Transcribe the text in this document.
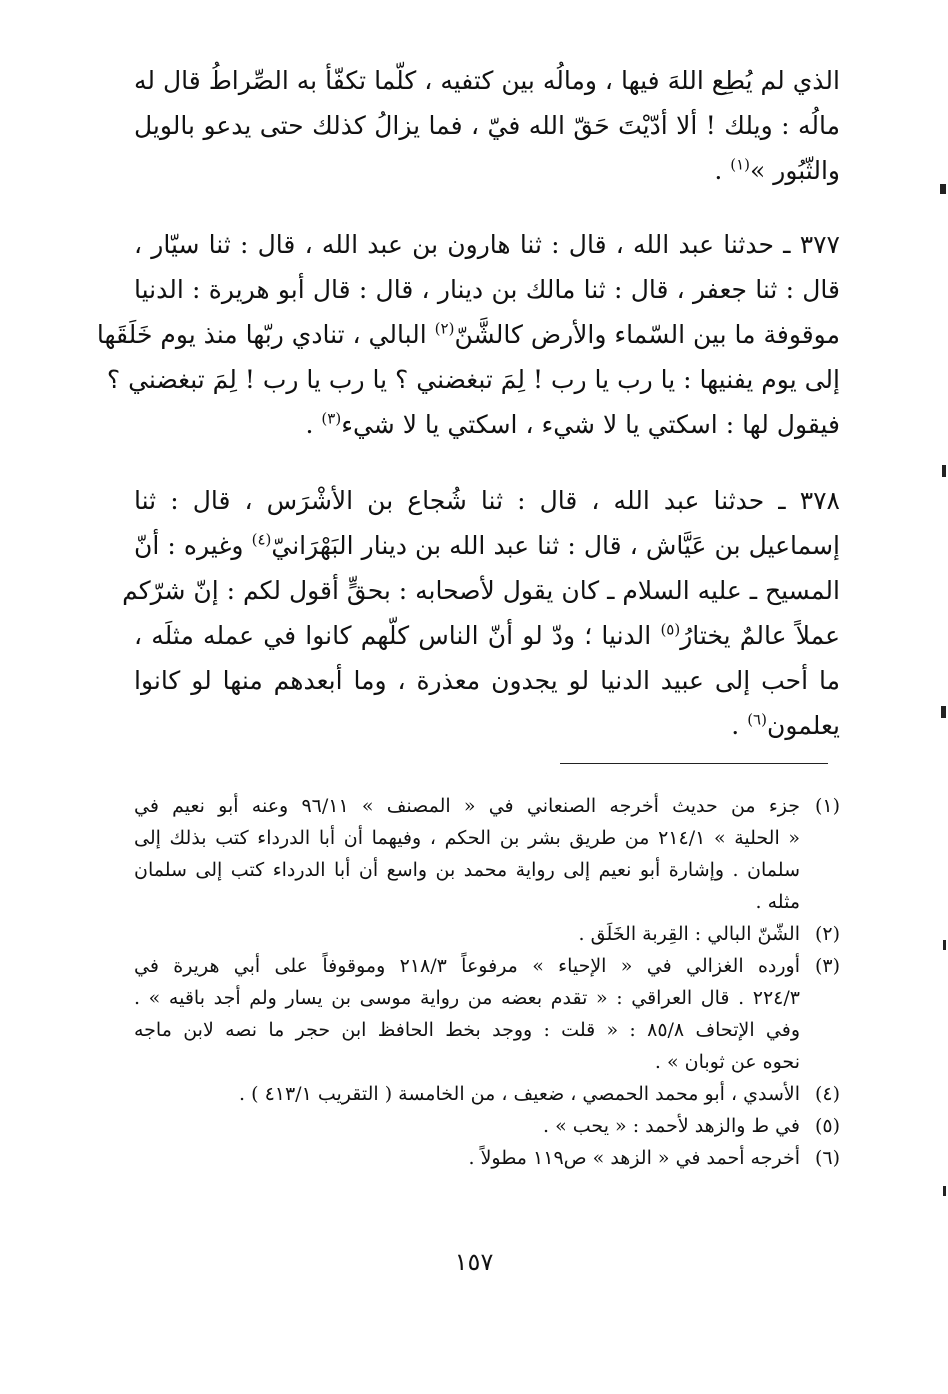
الذي لم يُطِع اللهَ فيها ، ومالُه بين كتفيه ، كلّما تكفّأ به الصِّراطُ قال له
مالُه : ويلك ! ألا أدّيْتَ حَقّ الله فيّ ، فما يزالُ كذلك حتى يدعو بالويل
والثّبُور »$^{(١)}$ .
٣٧٧ ـ حدثنا عبد الله ، قال : ثنا هارون بن عبد الله ، قال : ثنا سيّار ،
قال : ثنا جعفر ، قال : ثنا مالك بن دينار ، قال : قال أبو هريرة : الدنيا
موقوفة ما بين السّماء والأرض كالشَّنّ$^{(٢)}$ البالي ، تنادي ربّها منذ يوم خَلَقَها
إلى يوم يفنيها : يا رب يا رب ! لِمَ تبغضني ؟ يا رب يا رب ! لِمَ تبغضني ؟
فيقول لها : اسكتي يا لا شيء ، اسكتي يا لا شيء$^{(٣)}$ .
٣٧٨ ـ حدثنا عبد الله ، قال : ثنا شُجاع بن الأشْرَس ، قال : ثنا
إسماعيل بن عَيَّاش ، قال : ثنا عبد الله بن دينار البَهْرَانيّ$^{(٤)}$ وغيره : أنّ
المسيح ـ عليه السلام ـ كان يقول لأصحابه : بحقٍّ أقول لكم : إنّ شرّكم
عملاً عالمٌ يختارُ$^{(٥)}$ الدنيا ؛ ودّ لو أنّ الناس كلّهم كانوا في عمله مثلَه ،
ما أحب إلى عبيد الدنيا لو يجدون معذرة ، وما أبعدهم منها لو كانوا
يعلمون$^{(٦)}$ .
(١)
جزء من حديث أخرجه الصنعاني في « المصنف » ٩٦/١١ وعنه أبو نعيم في
« الحلية » ٢١٤/١ من طريق بشر بن الحكم ، وفيهما أن أبا الدرداء كتب بذلك إلى
سلمان . وإشارة أبو نعيم إلى رواية محمد بن واسع أن أبا الدرداء كتب إلى سلمان
مثله .
(٢)
الشّنّ البالي : القِربة الخَلَق .
(٣)
أورده الغزالي في « الإحياء » مرفوعاً ٢١٨/٣ وموقوفاً على أبي هريرة في
٢٢٤/٣ . قال العراقي : « تقدم بعضه من رواية موسى بن يسار ولم أجد باقيه » .
وفي الإتحاف ٨٥/٨ : « قلت : ووجد بخط الحافظ ابن حجر ما نصه لابن ماجه
نحوه عن ثوبان » .
(٤)
الأسدي ، أبو محمد الحمصي ، ضعيف ، من الخامسة ( التقريب ٤١٣/١ ) .
(٥)
في ط والزهد لأحمد : « يحب » .
(٦)
أخرجه أحمد في « الزهد » ص١١٩ مطولاً .
١٥٧
